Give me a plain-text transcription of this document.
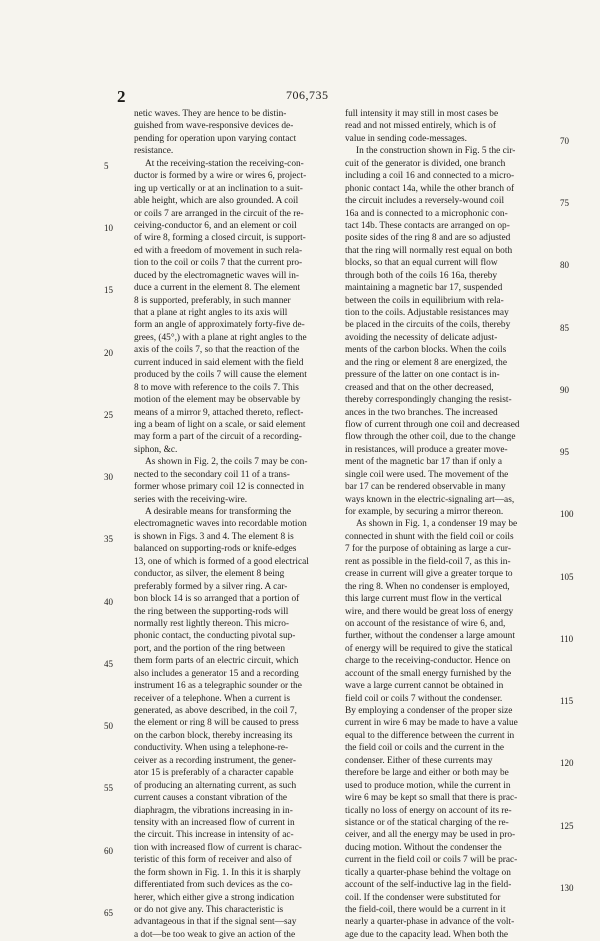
2	706,735
netic waves. They are hence to be distin-
guished from wave-responsive devices de-
pending for operation upon varying contact
resistance.
At the receiving-station the receiving-con-
ductor is formed by a wire or wires 6, project-
ing up vertically or at an inclination to a suit-
able height, which are also grounded. A coil
or coils 7 are arranged in the circuit of the re-
ceiving-conductor 6, and an element or coil
of wire 8, forming a closed circuit, is support-
ed with a freedom of movement in such rela-
tion to the coil or coils 7 that the current pro-
duced by the electromagnetic waves will in-
duce a current in the element 8. The element
8 is supported, preferably, in such manner
that a plane at right angles to its axis will
form an angle of approximately forty-five de-
grees, (45°,) with a plane at right angles to the
axis of the coils 7, so that the reaction of the
current induced in said element with the field
produced by the coils 7 will cause the element
8 to move with reference to the coils 7. This
motion of the element may be observable by
means of a mirror 9, attached thereto, reflect-
ing a beam of light on a scale, or said element
may form a part of the circuit of a recording-
siphon, &c.
As shown in Fig. 2, the coils 7 may be con-
nected to the secondary coil 11 of a trans-
former whose primary coil 12 is connected in
series with the receiving-wire.
A desirable means for transforming the
electromagnetic waves into recordable motion
is shown in Figs. 3 and 4. The element 8 is
balanced on supporting-rods or knife-edges
13, one of which is formed of a good electrical
conductor, as silver, the element 8 being
preferably formed by a silver ring. A car-
bon block 14 is so arranged that a portion of
the ring between the supporting-rods will
normally rest lightly thereon. This micro-
phonic contact, the conducting pivotal sup-
port, and the portion of the ring between
them form parts of an electric circuit, which
also includes a generator 15 and a recording
instrument 16 as a telegraphic sounder or the
receiver of a telephone. When a current is
generated, as above described, in the coil 7,
the element or ring 8 will be caused to press
on the carbon block, thereby increasing its
conductivity. When using a telephone-re-
ceiver as a recording instrument, the gener-
ator 15 is preferably of a character capable
of producing an alternating current, as such
current causes a constant vibration of the
diaphragm, the vibrations increasing in in-
tensity with an increased flow of current in
the circuit. This increase in intensity of ac-
tion with increased flow of current is charac-
teristic of this form of receiver and also of
the form shown in Fig. 1. In this it is sharply
differentiated from such devices as the co-
herer, which either give a strong indication
or do not give any. This characteristic is
advantageous in that if the signal sent—say
a dot—be too weak to give an action of the
full intensity it may still in most cases be
read and not missed entirely, which is of
value in sending code-messages.
In the construction shown in Fig. 5 the cir-
cuit of the generator is divided, one branch
including a coil 16 and connected to a micro-
phonic contact 14a, while the other branch of
the circuit includes a reversely-wound coil
16a and is connected to a microphonic con-
tact 14b. These contacts are arranged on op-
posite sides of the ring 8 and are so adjusted
that the ring will normally rest equal on both
blocks, so that an equal current will flow
through both of the coils 16 16a, thereby
maintaining a magnetic bar 17, suspended
between the coils in equilibrium with rela-
tion to the coils. Adjustable resistances may
be placed in the circuits of the coils, thereby
avoiding the necessity of delicate adjust-
ments of the carbon blocks. When the coils
and the ring or element 8 are energized, the
pressure of the latter on one contact is in-
creased and that on the other decreased,
thereby correspondingly changing the resist-
ances in the two branches. The increased
flow of current through one coil and decreased
flow through the other coil, due to the change
in resistances, will produce a greater move-
ment of the magnetic bar 17 than if only a
single coil were used. The movement of the
bar 17 can be rendered observable in many
ways known in the electric-signaling art—as,
for example, by securing a mirror thereon.
As shown in Fig. 1, a condenser 19 may be
connected in shunt with the field coil or coils
7 for the purpose of obtaining as large a cur-
rent as possible in the field-coil 7, as this in-
crease in current will give a greater torque to
the ring 8. When no condenser is employed,
this large current must flow in the vertical
wire, and there would be great loss of energy
on account of the resistance of wire 6, and,
further, without the condenser a large amount
of energy will be required to give the statical
charge to the receiving-conductor. Hence on
account of the small energy furnished by the
wave a large current cannot be obtained in
field coil or coils 7 without the condenser.
By employing a condenser of the proper size
current in wire 6 may be made to have a value
equal to the difference between the current in
the field coil or coils and the current in the
condenser. Either of these currents may
therefore be large and either or both may be
used to produce motion, while the current in
wire 6 may be kept so small that there is prac-
tically no loss of energy on account of its re-
sistance or of the statical charging of the re-
ceiver, and all the energy may be used in pro-
ducing motion. Without the condenser the
current in the field coil or coils 7 will be prac-
tically a quarter-phase behind the voltage on
account of the self-inductive lag in the field-
coil. If the condenser were substituted for
the field-coil, there would be a current in it
nearly a quarter-phase in advance of the volt-
age due to the capacity lead. When both the
5
10
15
20
25
30
35
40
45
50
55
60
65
70
75
80
85
90
95
100
105
110
115
120
125
130
